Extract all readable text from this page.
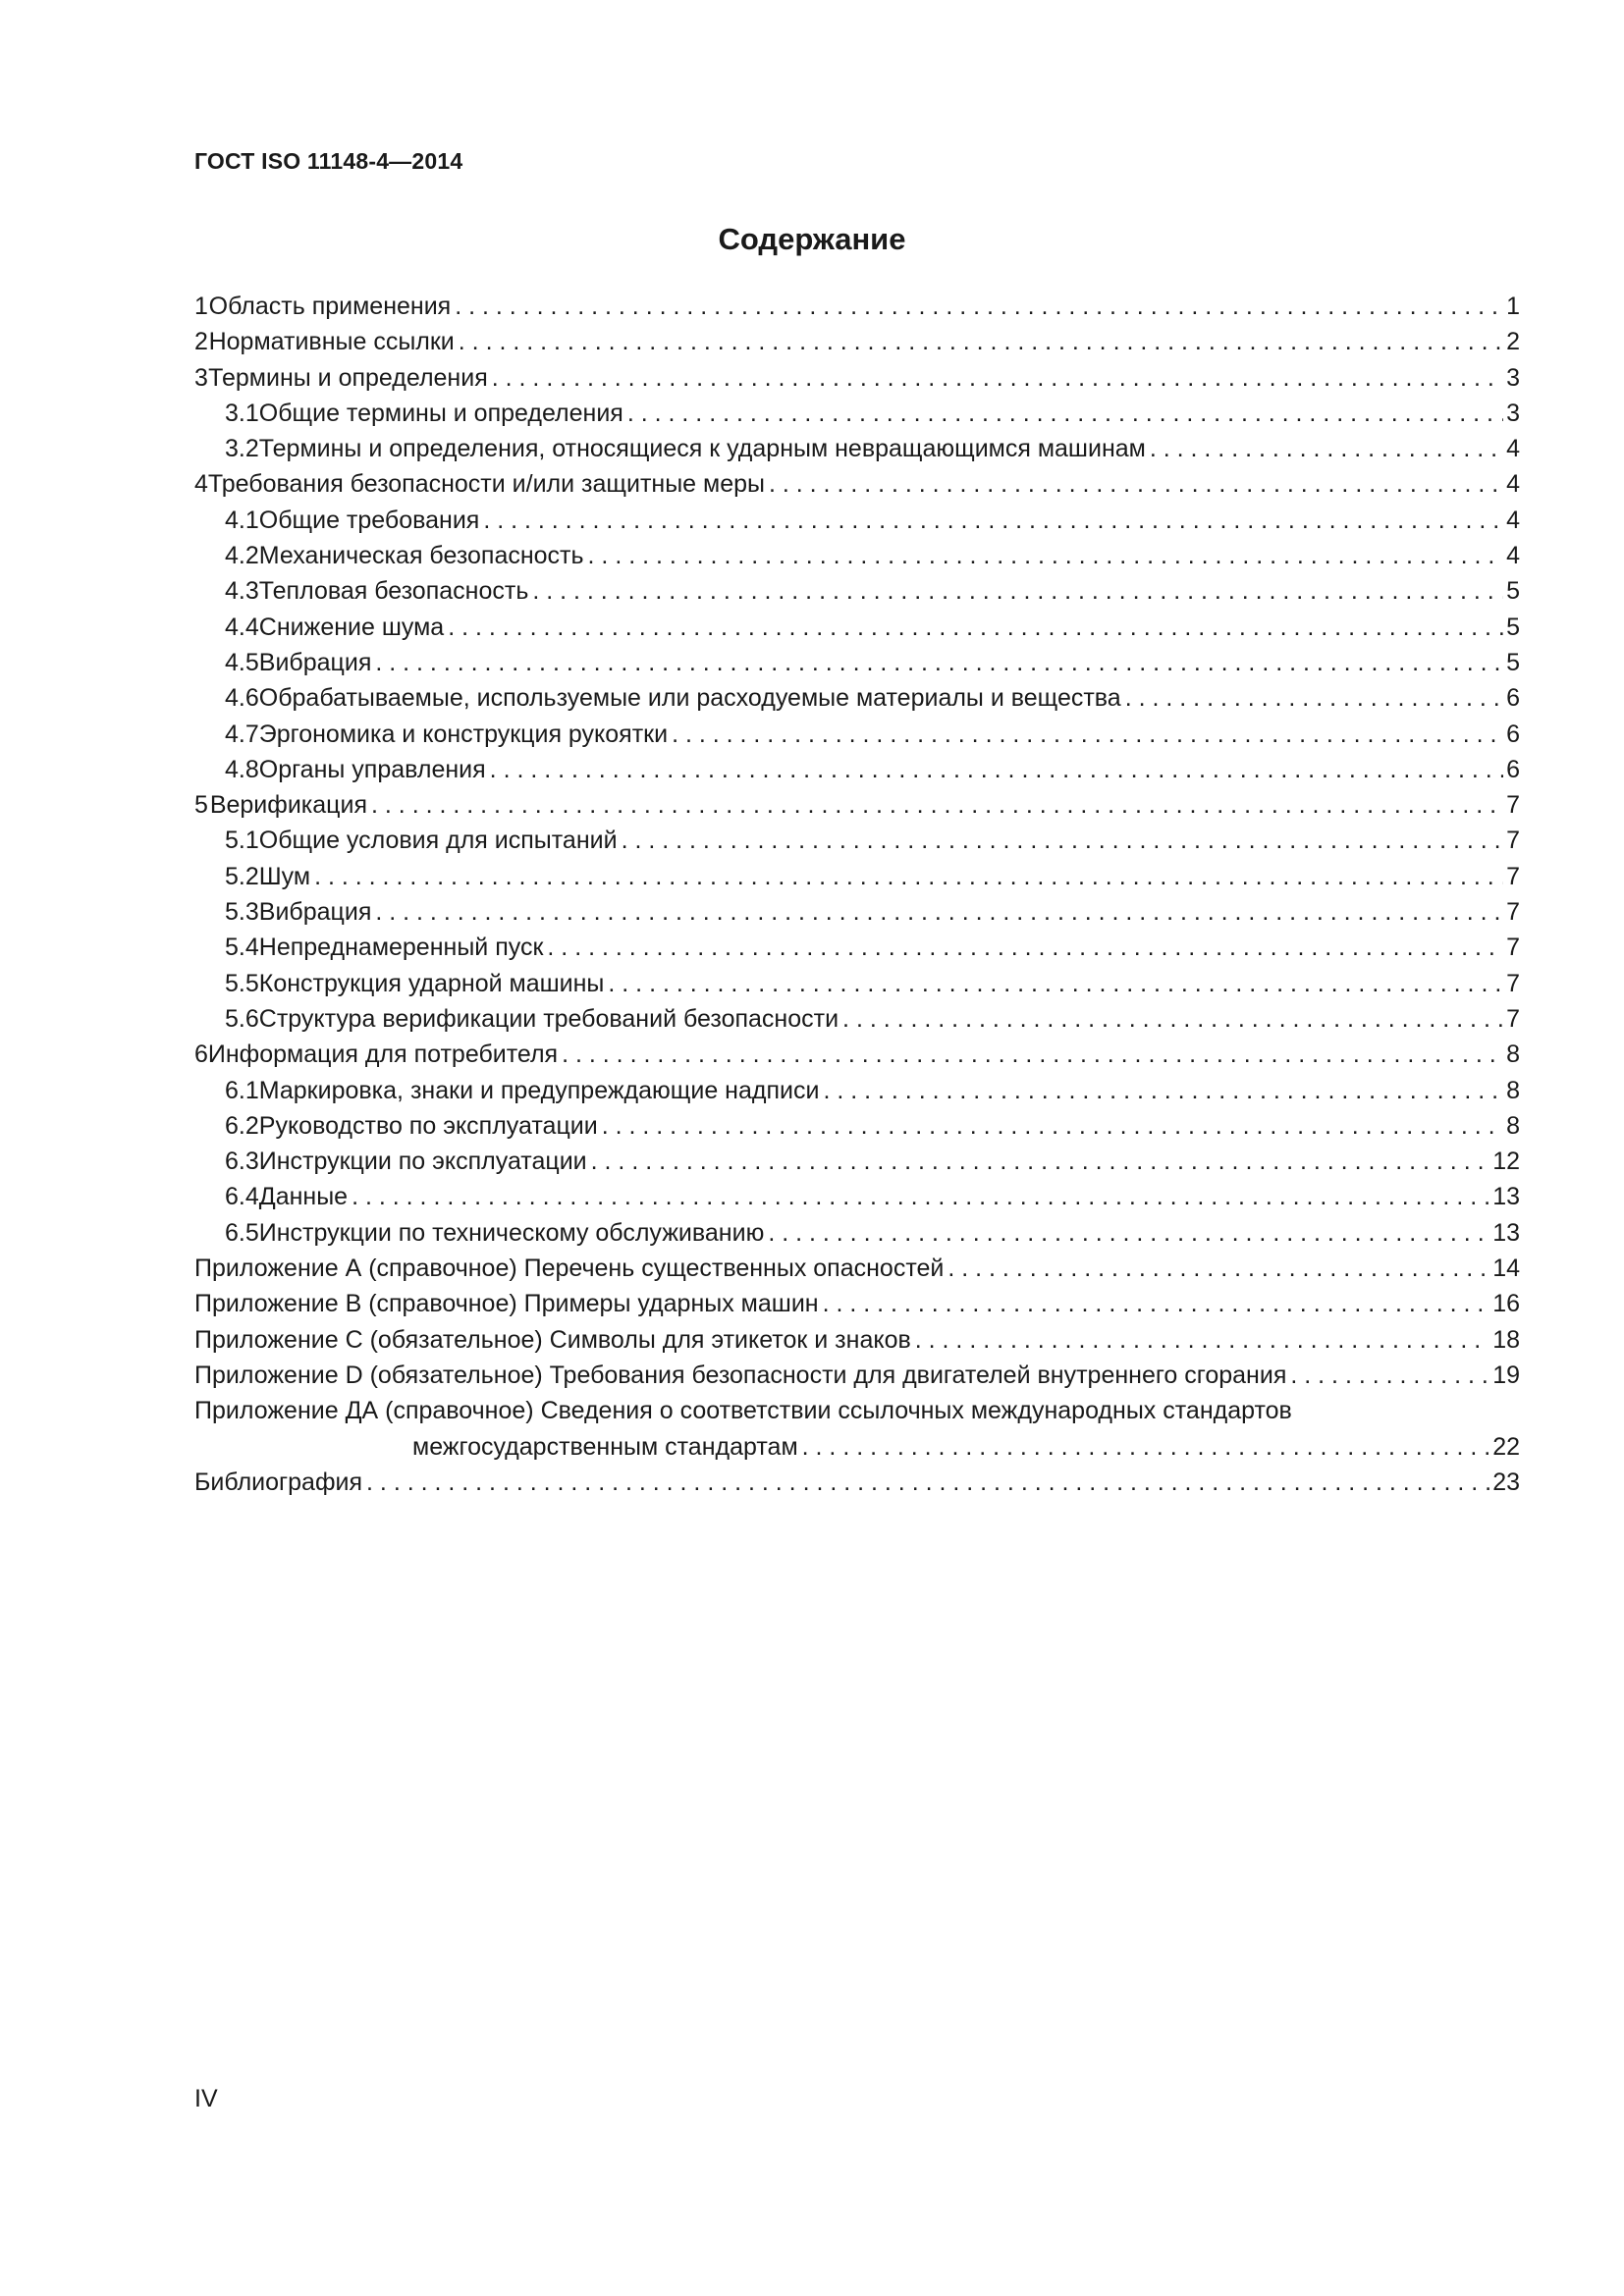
ГОСТ ISO 11148-4—2014
Содержание
1 Область применения . . .	1
2 Нормативные ссылки . . .	2
3 Термины и определения . . .	3
3.1 Общие термины и определения . . .	3
3.2 Термины и определения, относящиеся к ударным невращающимся машинам . . .	4
4 Требования безопасности и/или защитные меры . . .	4
4.1 Общие требования . . .	4
4.2 Механическая безопасность . . .	4
4.3 Тепловая безопасность . . .	5
4.4 Снижение шума . . .	5
4.5 Вибрация . . .	5
4.6 Обрабатываемые, используемые или расходуемые материалы и вещества . . .	6
4.7 Эргономика и конструкция рукоятки . . .	6
4.8 Органы управления . . .	6
5 Верификация . . .	7
5.1 Общие условия для испытаний . . .	7
5.2 Шум . . .	7
5.3 Вибрация . . .	7
5.4 Непреднамеренный пуск . . .	7
5.5 Конструкция ударной машины . . .	7
5.6 Структура верификации требований безопасности . . .	7
6 Информация для потребителя . . .	8
6.1 Маркировка, знаки и предупреждающие надписи . . .	8
6.2 Руководство по эксплуатации . . .	8
6.3 Инструкции по эксплуатации . . .	12
6.4 Данные . . .	13
6.5 Инструкции по техническому обслуживанию . . .	13
Приложение А (справочное) Перечень существенных опасностей . . .	14
Приложение В (справочное) Примеры ударных машин . . .	16
Приложение С (обязательное) Символы для этикеток и знаков . . .	18
Приложение D (обязательное) Требования безопасности для двигателей внутреннего сгорания . . .	19
Приложение ДА (справочное) Сведения о соответствии ссылочных международных стандартов
межгосударственным стандартам . . .	22
Библиография . . .	23
IV
